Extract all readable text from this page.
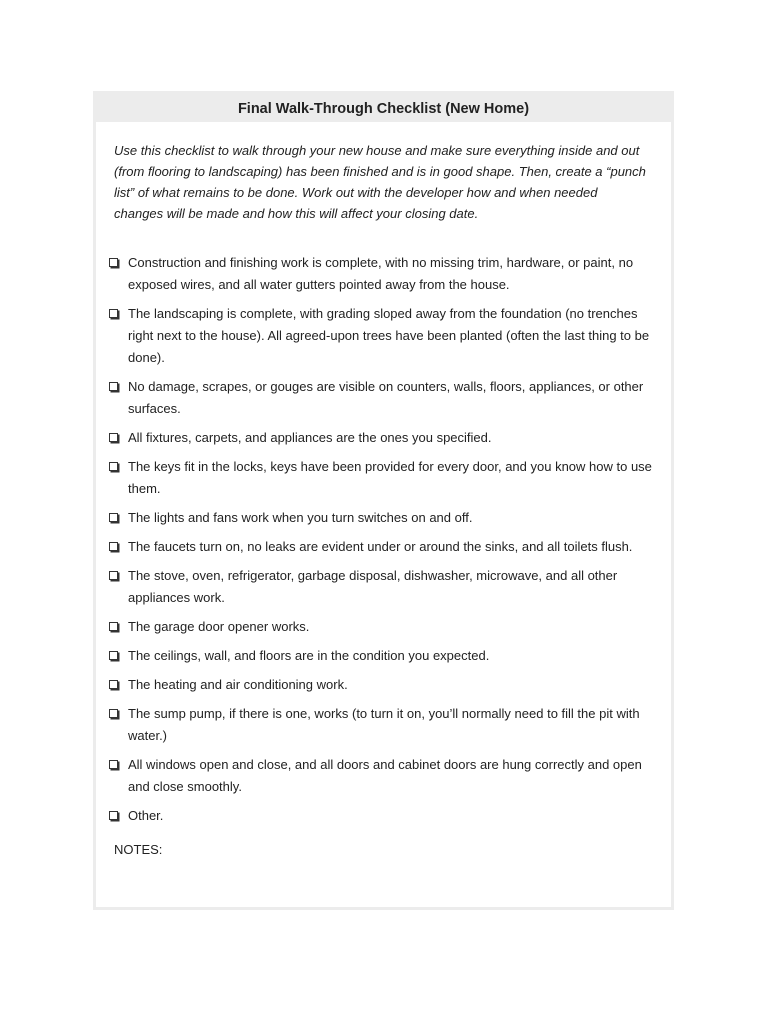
Final Walk-Through Checklist (New Home)

Use this checklist to walk through your new house and make sure everything inside and out (from flooring to landscaping) has been finished and is in good shape. Then, create a “punch list” of what remains to be done. Work out with the developer how and when needed changes will be made and how this will affect your closing date.

Construction and finishing work is complete, with no missing trim, hardware, or paint, no exposed wires, and all water gutters pointed away from the house.
The landscaping is complete, with grading sloped away from the foundation (no trenches right next to the house). All agreed-upon trees have been planted (often the last thing to be done).
No damage, scrapes, or gouges are visible on counters, walls, floors, appliances, or other surfaces.
All fixtures, carpets, and appliances are the ones you specified.
The keys fit in the locks, keys have been provided for every door, and you know how to use them.
The lights and fans work when you turn switches on and off.
The faucets turn on, no leaks are evident under or around the sinks, and all toilets flush.
The stove, oven, refrigerator, garbage disposal, dishwasher, microwave, and all other appliances work.
The garage door opener works.
The ceilings, wall, and floors are in the condition you expected.
The heating and air conditioning work.
The sump pump, if there is one, works (to turn it on, you’ll normally need to fill the pit with water.)
All windows open and close, and all doors and cabinet doors are hung correctly and open and close smoothly.
Other.
NOTES:
